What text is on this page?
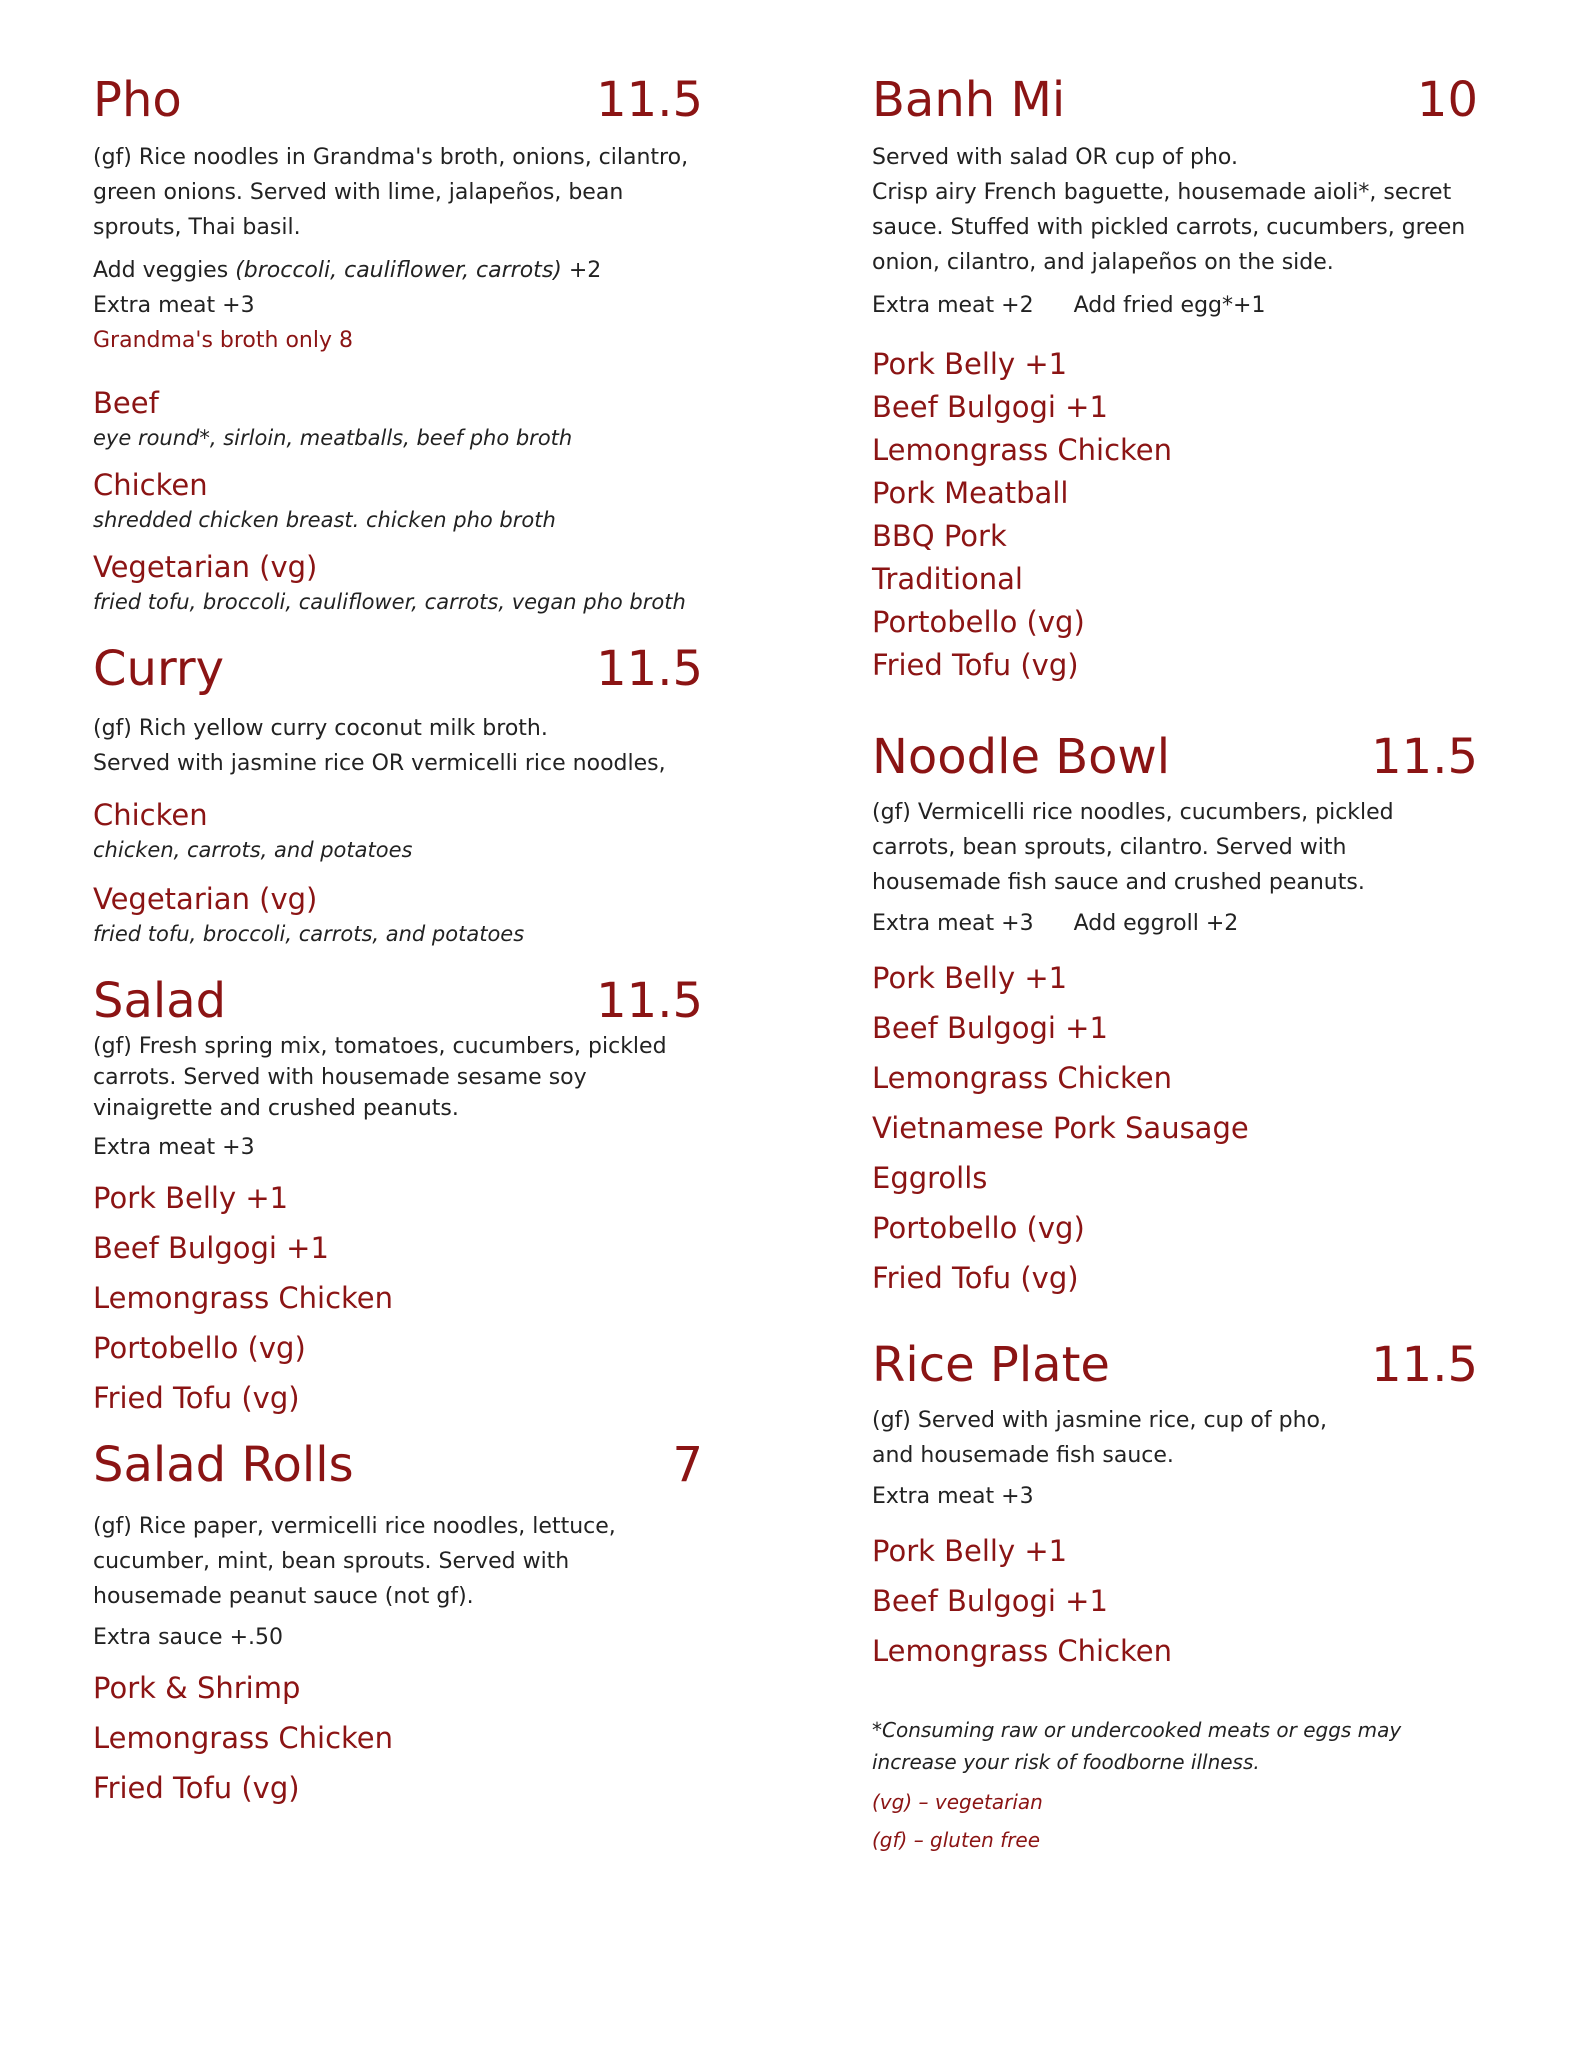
Pho	11.5

(gf) Rice noodles in Grandma's broth, onions, cilantro,

green onions. Served with lime, jalapeños, bean

sprouts, Thai basil.

Add veggies (broccoli, cauliflower, carrots) +2

Extra meat +3

Grandma's broth only 8

Beef

eye round*, sirloin, meatballs, beef pho broth

Chicken

shredded chicken breast. chicken pho broth

Vegetarian (vg)

fried tofu, broccoli, cauliflower, carrots, vegan pho broth

Curry	11.5

(gf) Rich yellow curry coconut milk broth.

Served with jasmine rice OR vermicelli rice noodles,

Chicken

chicken, carrots, and potatoes

Vegetarian (vg)

fried tofu, broccoli, carrots, and potatoes

Salad	11.5

(gf) Fresh spring mix, tomatoes, cucumbers, pickled

carrots. Served with housemade sesame soy

vinaigrette and crushed peanuts.

Extra meat +3

Pork Belly +1

Beef Bulgogi +1

Lemongrass Chicken

Portobello (vg)

Fried Tofu (vg)

Salad Rolls	7

(gf) Rice paper, vermicelli rice noodles, lettuce,

cucumber, mint, bean sprouts. Served with

housemade peanut sauce (not gf).

Extra sauce +.50

Pork & Shrimp

Lemongrass Chicken

Fried Tofu (vg)

Banh Mi	10

Served with salad OR cup of pho.

Crisp airy French baguette, housemade aioli*, secret

sauce. Stuffed with pickled carrots, cucumbers, green

onion, cilantro, and jalapeños on the side.

Extra meat +2 Add fried egg*+1

Pork Belly +1

Beef Bulgogi +1

Lemongrass Chicken

Pork Meatball

BBQ Pork

Traditional

Portobello (vg)

Fried Tofu (vg)

Noodle Bowl	11.5

(gf) Vermicelli rice noodles, cucumbers, pickled

carrots, bean sprouts, cilantro. Served with

housemade fish sauce and crushed peanuts.

Extra meat +3 Add eggroll +2

Pork Belly +1

Beef Bulgogi +1

Lemongrass Chicken

Vietnamese Pork Sausage

Eggrolls

Portobello (vg)

Fried Tofu (vg)

Rice Plate	11.5

(gf) Served with jasmine rice, cup of pho,

and housemade fish sauce.

Extra meat +3

Pork Belly +1

Beef Bulgogi +1

Lemongrass Chicken

*Consuming raw or undercooked meats or eggs may

increase your risk of foodborne illness.

(vg) – vegetarian

(gf) – gluten free
